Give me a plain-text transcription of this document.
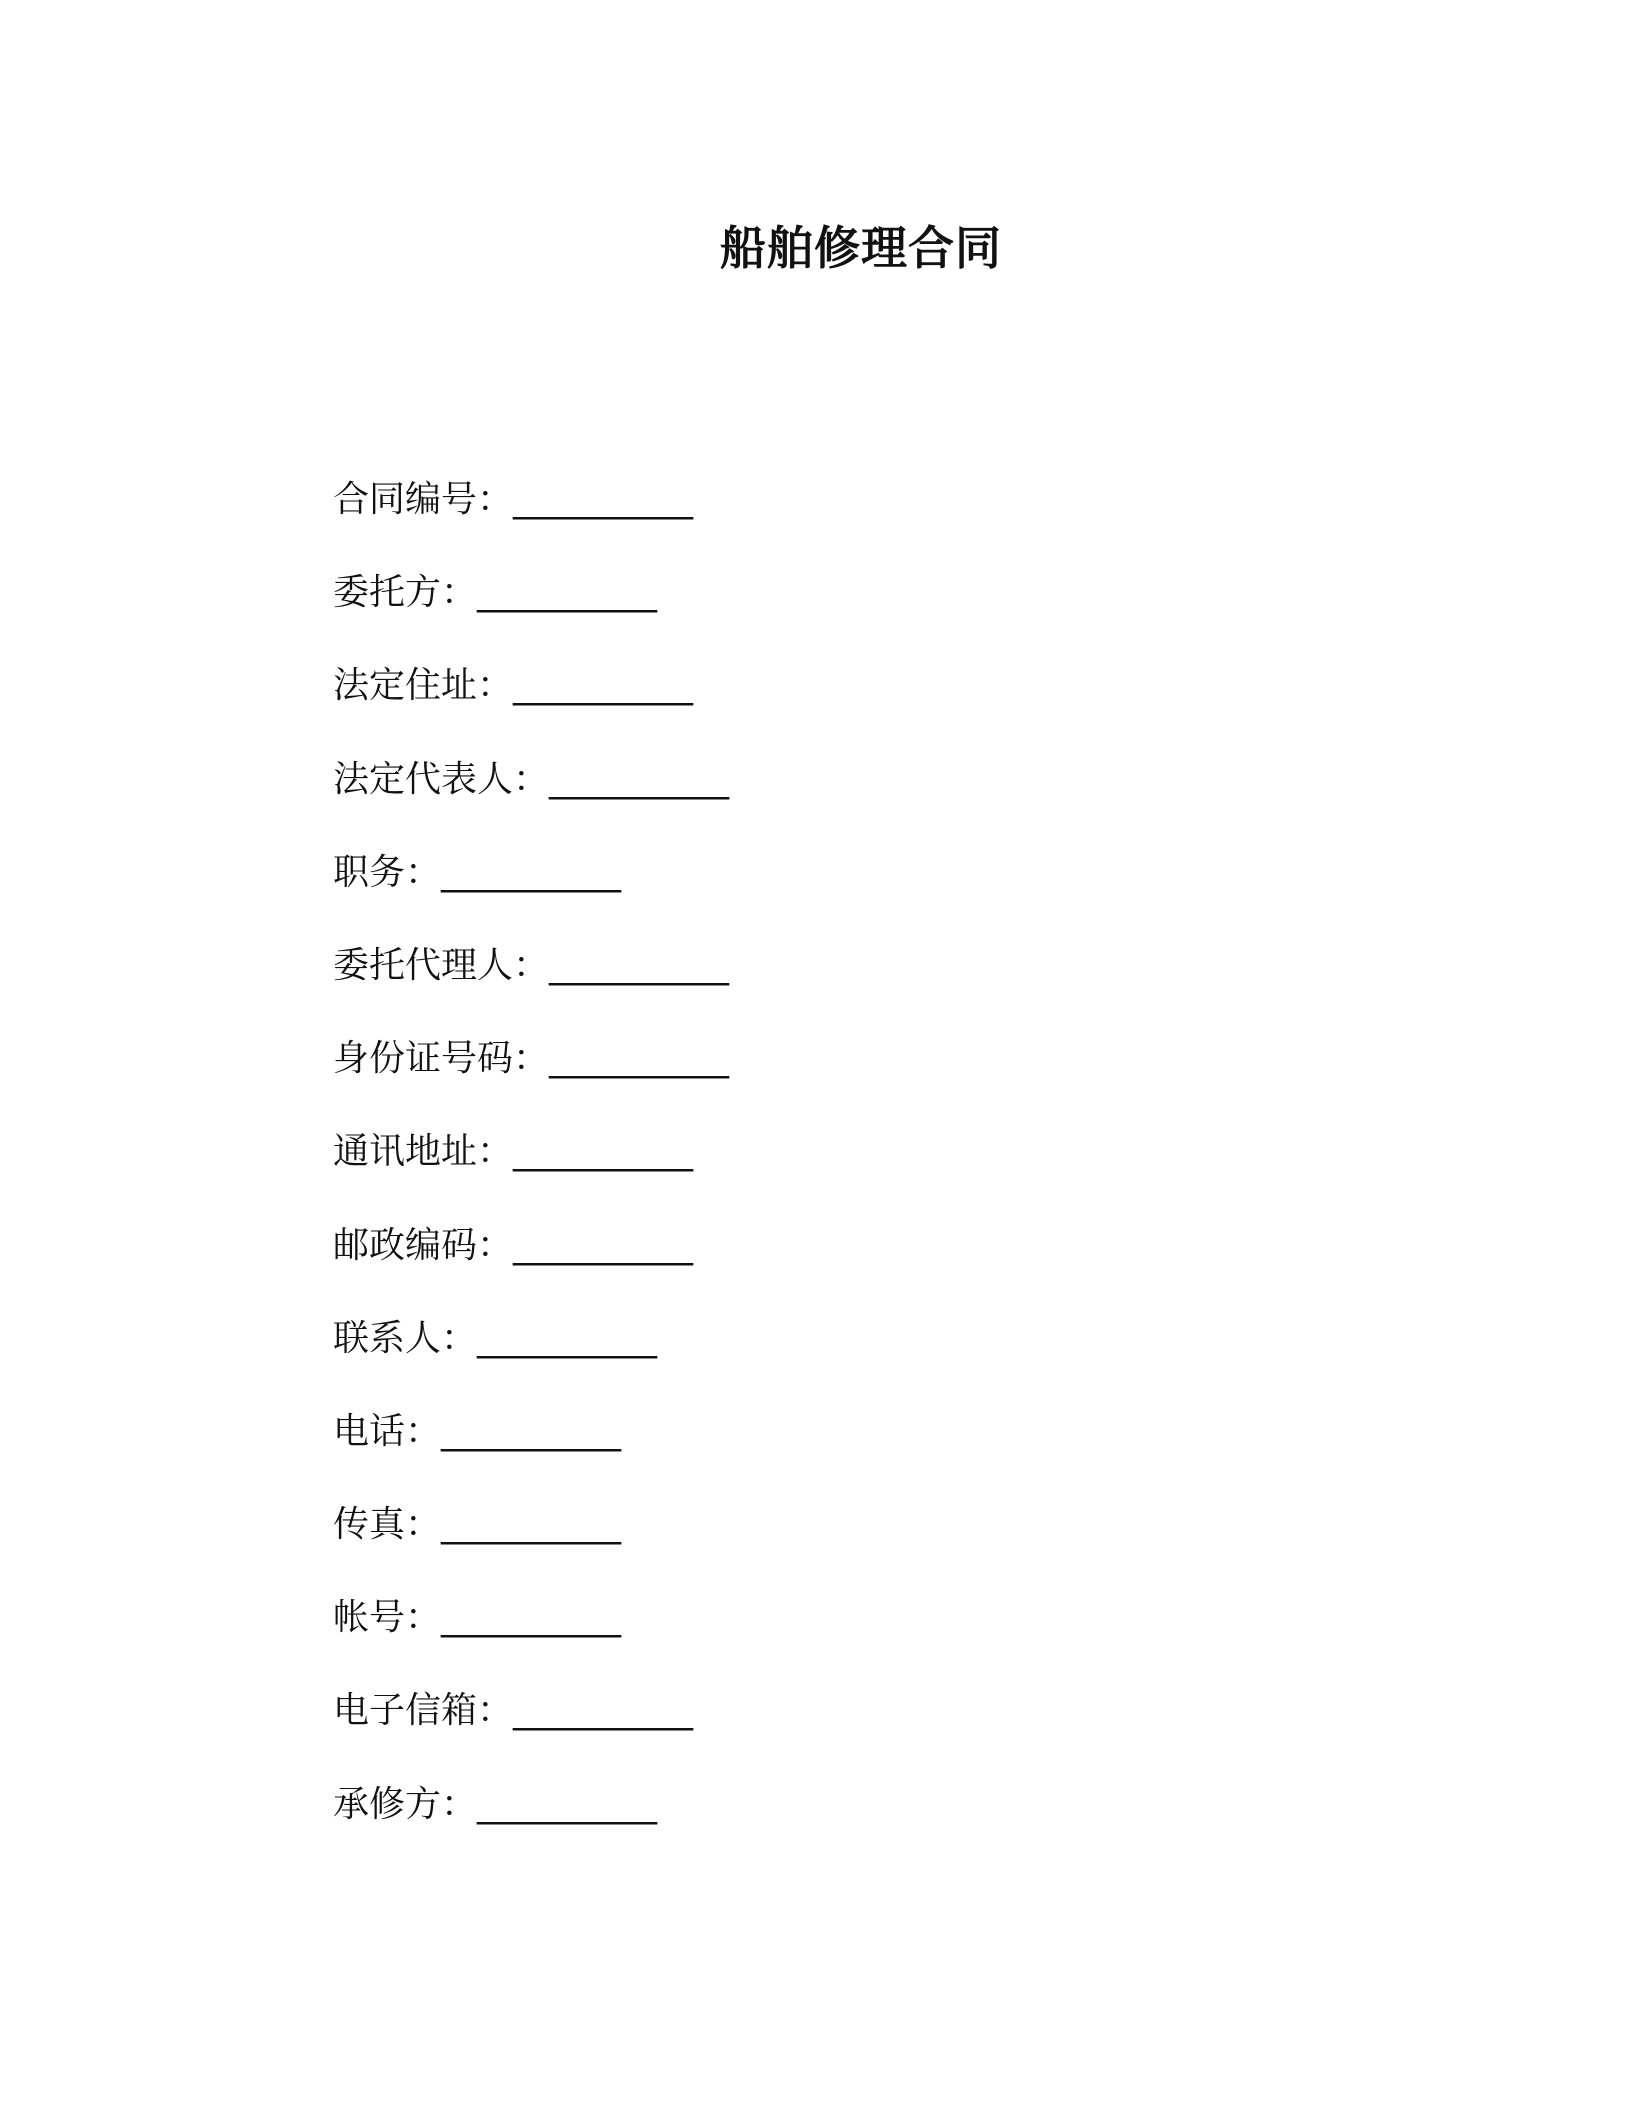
船舶修理合同
合同编号：__________
委托方：__________
法定住址：__________
法定代表人：__________
职务：__________
委托代理人：__________
身份证号码：__________
通讯地址：__________
邮政编码：__________
联系人：__________
电话：__________
传真：__________
帐号：__________
电子信箱：__________
承修方：__________
